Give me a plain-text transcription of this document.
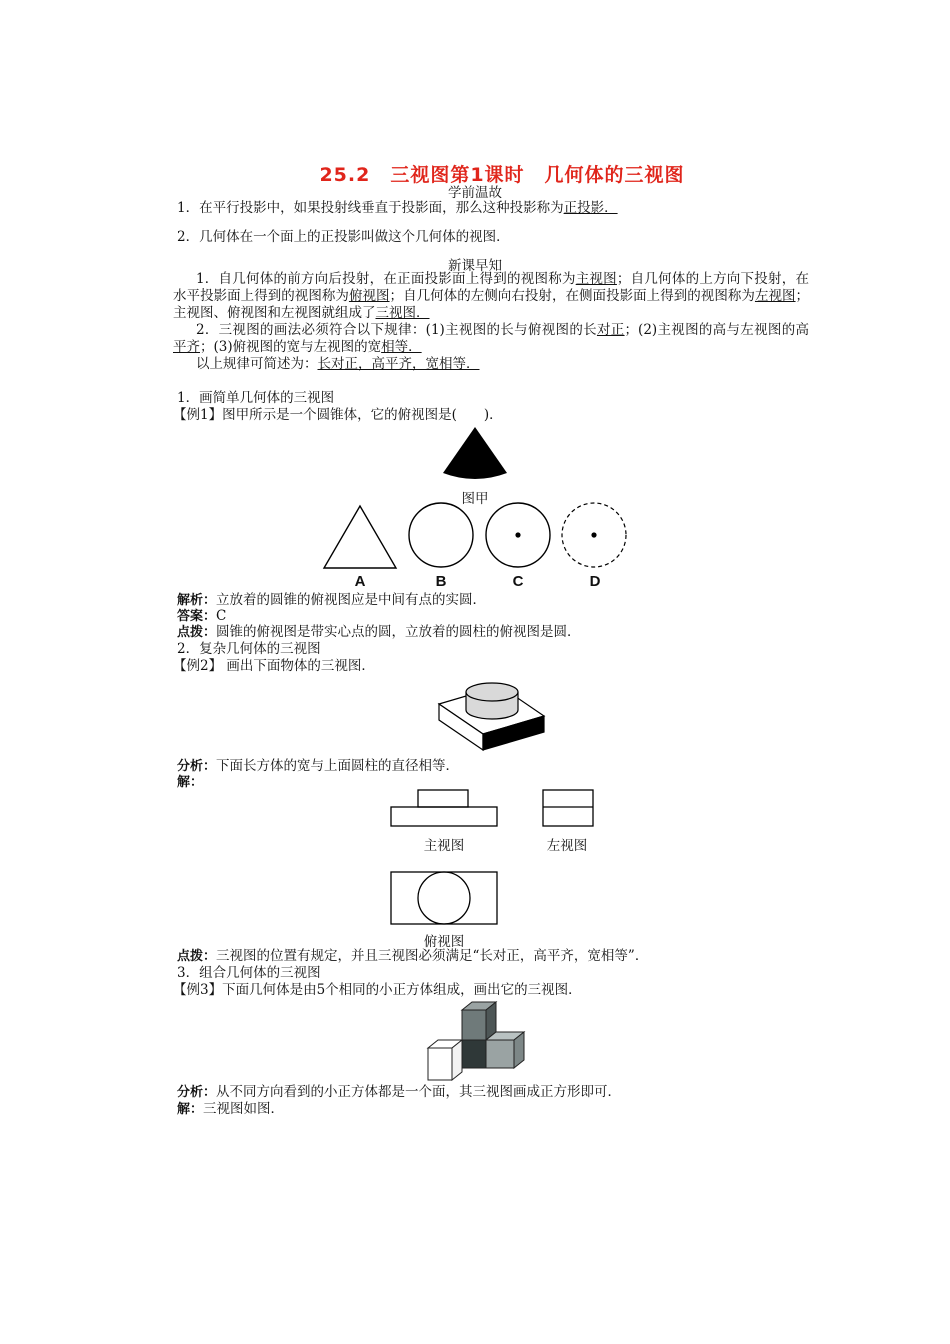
25.2　三视图第1课时　几何体的三视图
学前温故
1．在平行投影中，如果投射线垂直于投影面，那么这种投影称为正投影．
2．几何体在一个面上的正投影叫做这个几何体的视图．
新课早知
1．自几何体的前方向后投射，在正面投影面上得到的视图称为主视图；自几何体的上方向下投射，在水平投影面上得到的视图称为俯视图；自几何体的左侧向右投射，在侧面投影面上得到的视图称为左视图；主视图、俯视图和左视图就组成了三视图．
2．三视图的画法必须符合以下规律：(1)主视图的长与俯视图的长对正；(2)主视图的高与左视图的高平齐；(3)俯视图的宽与左视图的宽相等．
以上规律可简述为：长对正，高平齐，宽相等．
1．画简单几何体的三视图
【例1】图甲所示是一个圆锥体，它的俯视图是(　　)．
图甲
A	B	C	D
解析：立放着的圆锥的俯视图应是中间有点的实圆．
答案：C
点拨：圆锥的俯视图是带实心点的圆，立放着的圆柱的俯视图是圆．
2．复杂几何体的三视图
【例2】 画出下面物体的三视图．
分析：下面长方体的宽与上面圆柱的直径相等．
解：
主视图	左视图
俯视图
点拨：三视图的位置有规定，并且三视图必须满足“长对正，高平齐，宽相等”．
3．组合几何体的三视图
【例3】下面几何体是由5个相同的小正方体组成，画出它的三视图．
分析：从不同方向看到的小正方体都是一个面，其三视图画成正方形即可．
解：三视图如图．
